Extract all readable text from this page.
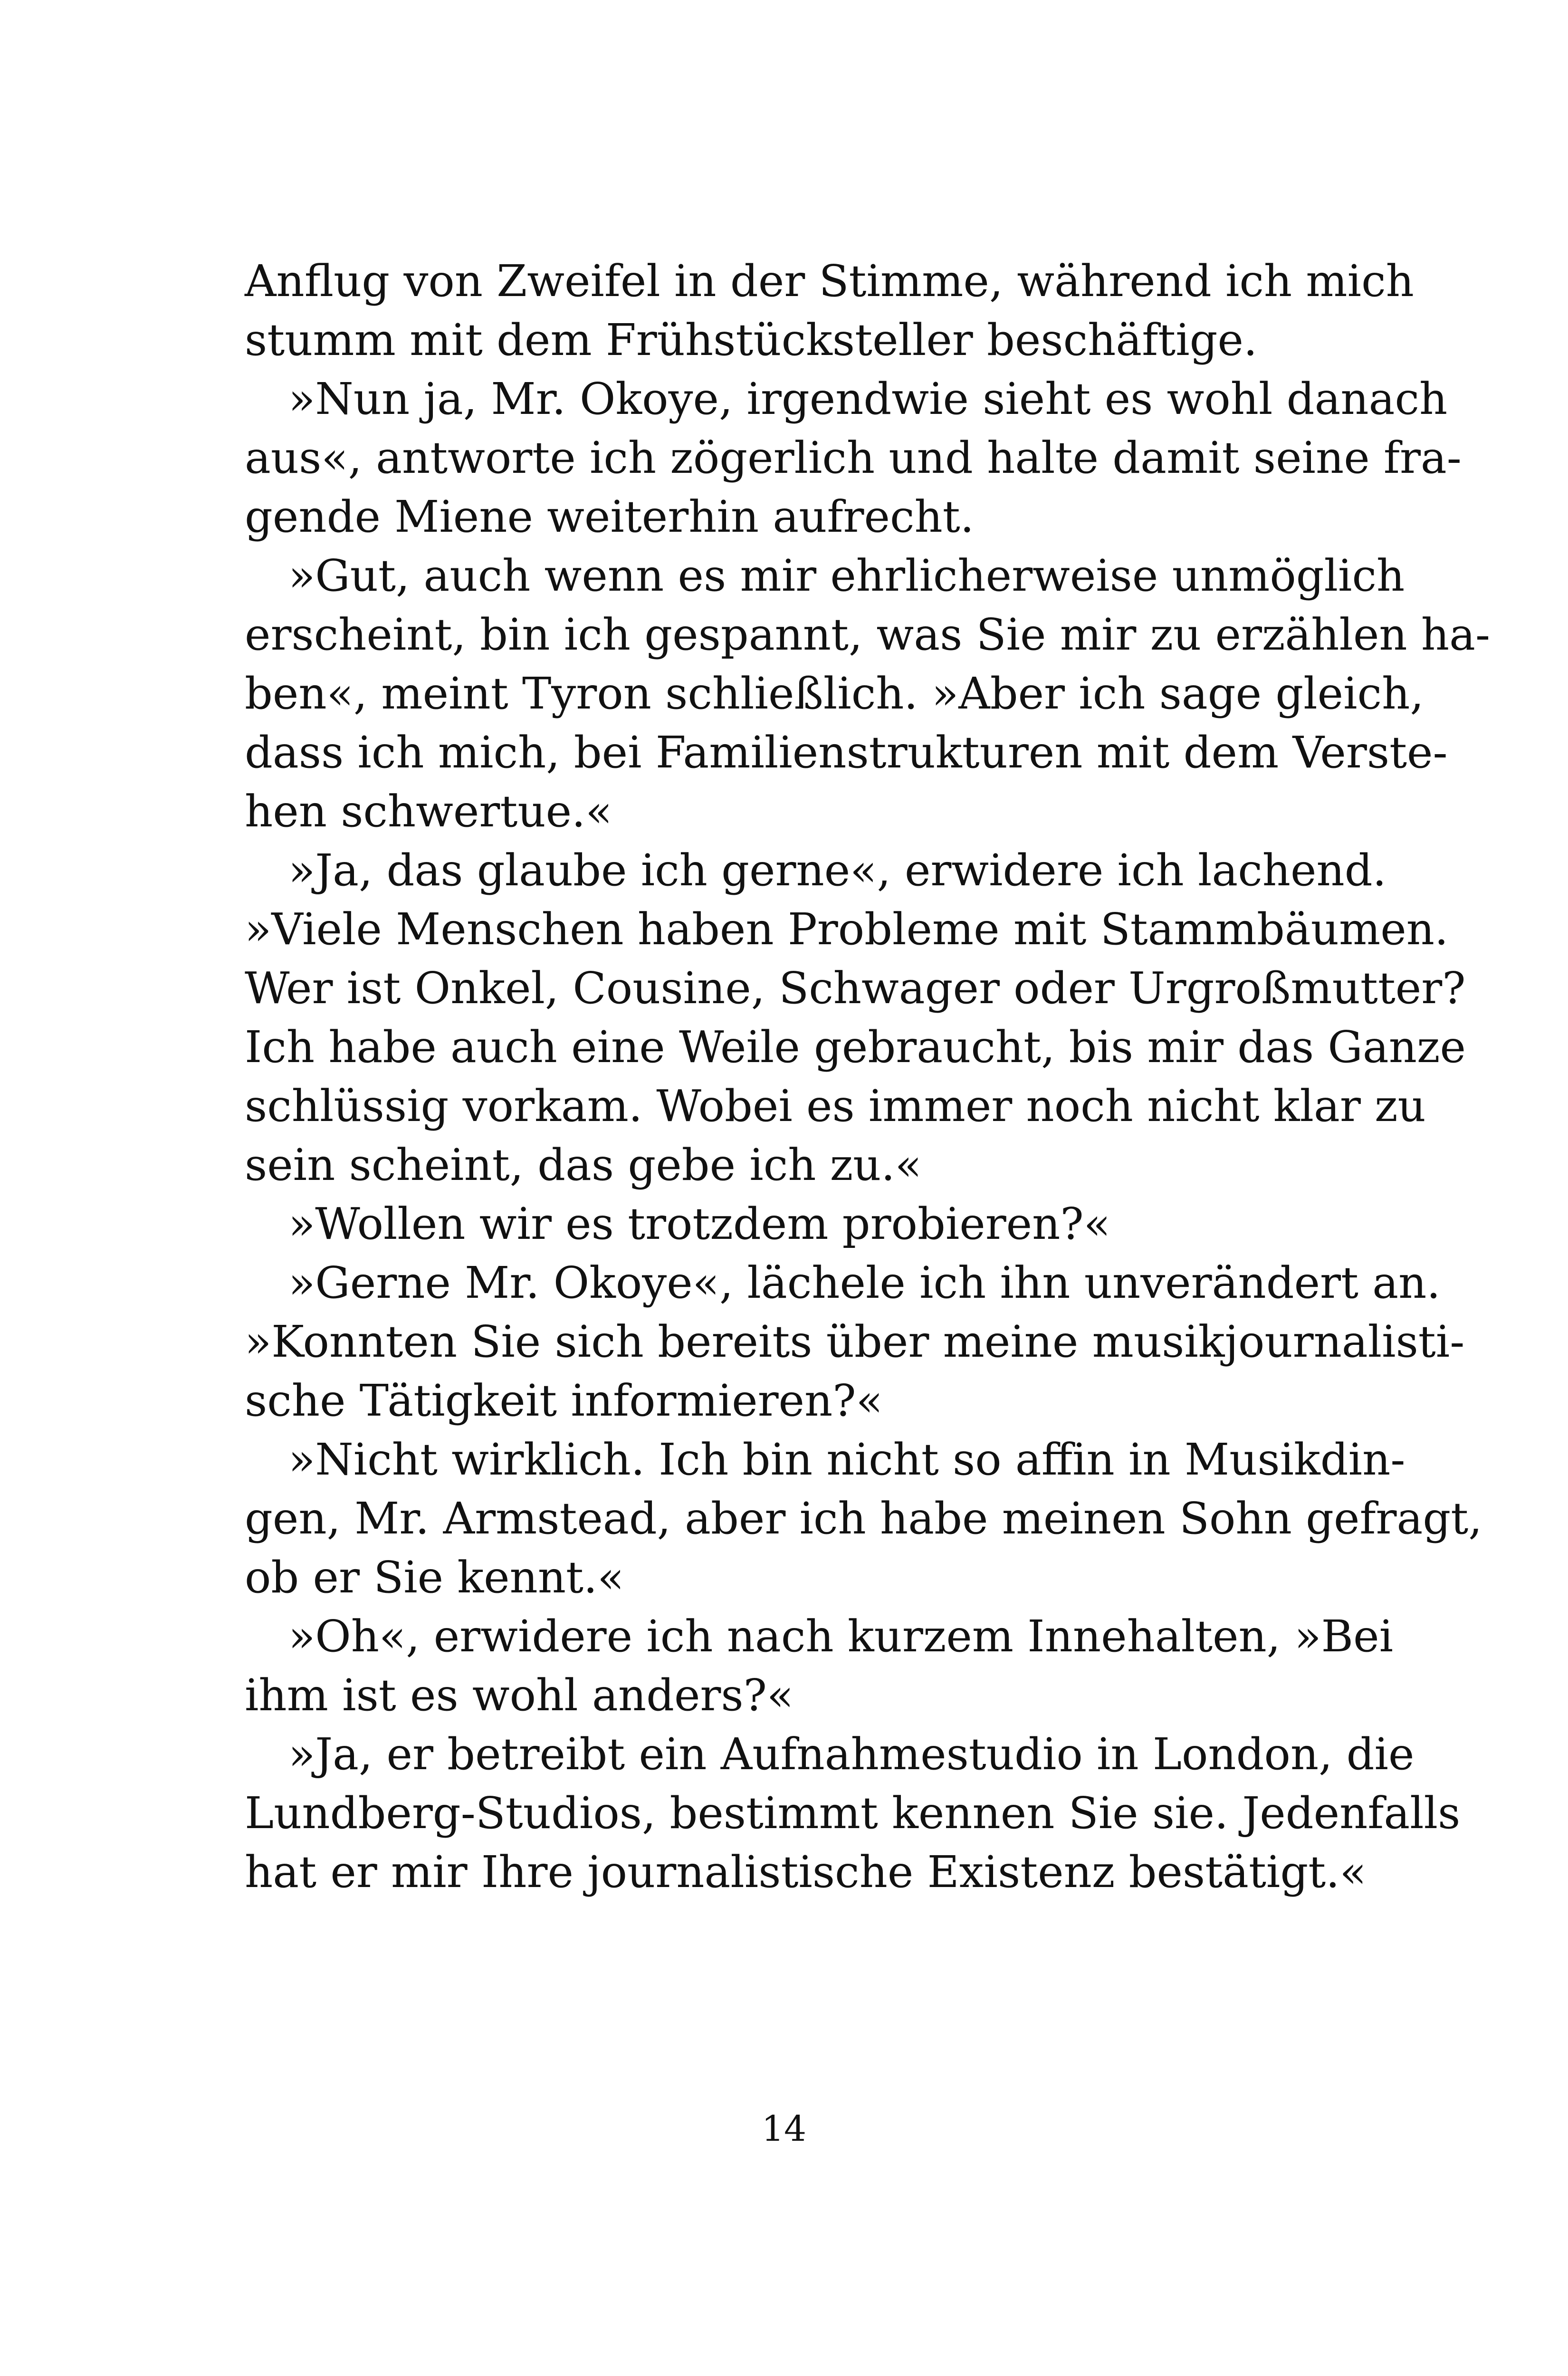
Anflug von Zweifel in der Stimme, während ich mich
stumm mit dem Frühstücksteller beschäftige.
»Nun ja, Mr. Okoye, irgendwie sieht es wohl danach
aus«, antworte ich zögerlich und halte damit seine fra-
gende Miene weiterhin aufrecht.
»Gut, auch wenn es mir ehrlicherweise unmöglich
erscheint, bin ich gespannt, was Sie mir zu erzählen ha-
ben«, meint Tyron schließlich. »Aber ich sage gleich,
dass ich mich, bei Familienstrukturen mit dem Verste-
hen schwertue.«
»Ja, das glaube ich gerne«, erwidere ich lachend.
»Viele Menschen haben Probleme mit Stammbäumen.
Wer ist Onkel, Cousine, Schwager oder Urgroßmutter?
Ich habe auch eine Weile gebraucht, bis mir das Ganze
schlüssig vorkam. Wobei es immer noch nicht klar zu
sein scheint, das gebe ich zu.«
»Wollen wir es trotzdem probieren?«
»Gerne Mr. Okoye«, lächele ich ihn unverändert an.
»Konnten Sie sich bereits über meine musikjournalisti-
sche Tätigkeit informieren?«
»Nicht wirklich. Ich bin nicht so affin in Musikdin-
gen, Mr. Armstead, aber ich habe meinen Sohn gefragt,
ob er Sie kennt.«
»Oh«, erwidere ich nach kurzem Innehalten, »Bei
ihm ist es wohl anders?«
»Ja, er betreibt ein Aufnahmestudio in London, die
Lundberg-Studios, bestimmt kennen Sie sie. Jedenfalls
hat er mir Ihre journalistische Existenz bestätigt.«
14
